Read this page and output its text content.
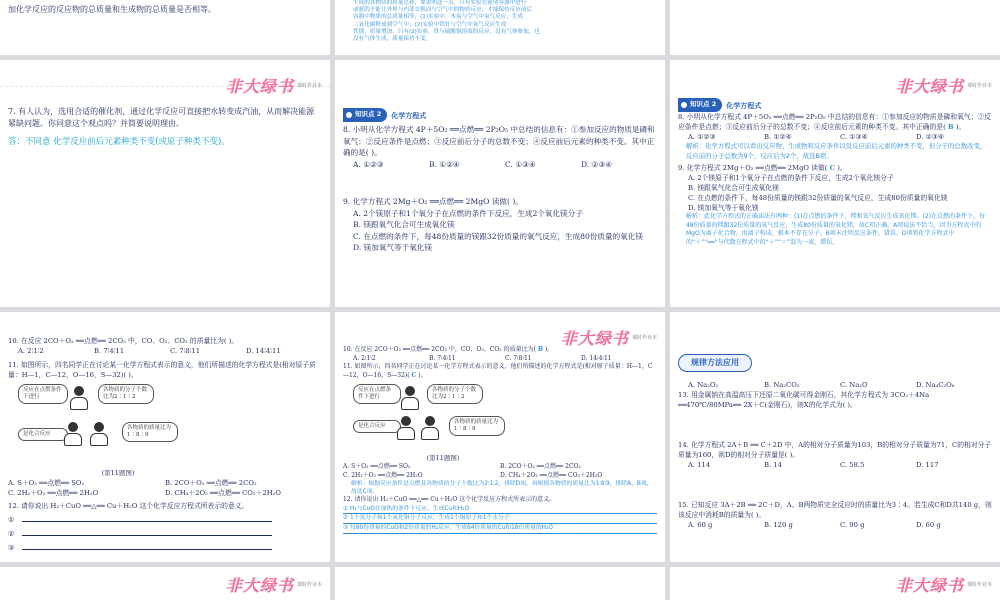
加化学反应的反应物的总质量和生成物的总质量是否相等。
生成的各物质的质量总和，要说明这一点，只有实验在密闭容器中进行
或驱的不能让外界与内部交换而与空气中的物质反应，才能保持反应前后
容器中物质的总质量相等，(1)实验中，木炭与空气中氧气反应，生成
二氧化碳释放到空气中；(2)实验中铁钉与空气中氧气反应生成
铁锈，质量增加，只有(2)实验，铁与硫酸铜溶液的反应，没有气体参加，也
没有气体生成，质量保持不变。
非大绿书 课时作业本
7. 有人认为，选用合适的催化剂，通过化学反应可直接把水转变成汽油，从而解决能源紧缺问题。你同意这个观点吗？并简要说明理由。
答：不同意 化学反应前后元素种类不变(或原子种类不变)。
知识点 2 化学方程式
8. 小明从化学方程式 4P＋5O₂ ══点燃══ 2P₂O₅ 中总结的信息有：①参加反应的物质是磷和氧气；②反应条件是点燃；③反应前后分子的总数不变；④反应前后元素的种类不变。其中正确的是( )。
A. ①②③	B. ①②④	C. ①③④	D. ②③④
9. 化学方程式 2Mg＋O₂ ══点燃══ 2MgO 读做( )。
A. 2个镁原子和1个氧分子在点燃的条件下反应，生成2个氧化镁分子
B. 镁跟氧气化合可生成氧化镁
C. 在点燃的条件下，每48份质量的镁跟32份质量的氧气反应，生成80份质量的氧化镁
D. 镁加氧气等于氧化镁
非大绿书 课时作业本
知识点 2 化学方程式
8. 小明从化学方程式 4P＋5O₂ ══点燃══ 2P₂O₅ 中总结的信息有：①参加反应的物质是磷和氧气；②反应条件是点燃；③反应前后分子的总数不变；④反应前后元素的种类不变。其中正确的是( B )。
A. ①②③	B. ①②④	C. ①③④	D. ②③④
解析：化学方程式可以看出反应物、生成物和反应条件以及反应前后元素的种类不变，但分子的总数改变，反应前的分子总数为9个，反应后为2个，故选B项。
9. 化学方程式 2Mg＋O₂ ══点燃══ 2MgO 读做( C )。
A. 2个镁原子和1个氧分子在点燃的条件下反应，生成2个氧化镁分子
B. 镁跟氧气化合可生成氧化镁
C. 在点燃的条件下，每48份质量的镁跟32份质量的氧气反应，生成80份质量的氧化镁
D. 镁加氧气等于氧化镁
解析：此化学方程式的正确读法有两种：(1)在点燃的条件下，镁和氧气反应生成氧化镁。(2)在点燃的条件下，每48份质量的镁跟32份质量的氧气反应，生成80份质量的氧化镁，故C项正确。A项说法不恰当，因为方程式中的MgO为离子化合物，由离子构成，根本不存在分子。B项未注明反应条件，错误。D项将化学方程式中的“＋”“══”与代数方程式中的“＋”“＝”混为一谈，错误。
10. 在反应 2CO＋O₂ ══点燃══ 2CO₂ 中，CO、O₂、CO₂ 的质量比为( )。
A. 2∶1∶2	B. 7∶4∶11	C. 7∶8∶11	D. 14∶4∶11
11. 如图所示，四名同学正在讨论某一化学方程式表示的意义，他们所描述的化学方程式是(相对原子质量：H—1，C—12，O—16，S—32)( )。
反应在点燃条件下进行
各物质的分子个数比为2∶1∶2
是化合反应
各物质的质量比为1∶8∶9
(第11题图)
A. S＋O₂ ══点燃══ SO₂	B. 2CO＋O₂ ══点燃══ 2CO₂
C. 2H₂＋O₂ ══点燃══ 2H₂O	D. CH₄＋2O₂ ══点燃══ CO₂＋2H₂O
12. 请你说出 H₂＋CuO ══△══ Cu＋H₂O 这个化学反应方程式所表示的意义。
①
②
③
非大绿书 课时作业本
10. 在反应 2CO＋O₂ ══点燃══ 2CO₂ 中，CO、O₂、CO₂ 的质量比为( B )。
A. 2∶1∶2	B. 7∶4∶11	C. 7∶8∶11	D. 14∶4∶11
11. 如图所示，四名同学正在讨论某一化学方程式表示的意义，他们所描述的化学方程式是(相对原子质量：H—1，C—12，O—16，S—32)( C )。
反应在点燃条件下进行
各物质的分子个数比为2∶1∶2
是化合反应
各物质的质量比为1∶8∶9
(第11题图)
A. S＋O₂ ══点燃══ SO₂	B. 2CO＋O₂ ══点燃══ 2CO₂
C. 2H₂＋O₂ ══点燃══ 2H₂O	D. CH₄＋2O₂ ══点燃══ CO₂＋2H₂O
解析：根据反应条件是点燃及各物质的分子个数比为2∶1∶2，排除D项，再根据各物质的质量比为1∶8∶9，排除A、B项，故选C项。
12. 请你说出 H₂＋CuO ══△══ Cu＋H₂O 这个化学反应方程式所表示的意义。
① H₂与CuO在加热的条件下反应，生成Cu和H₂O
② 1个氢分子和1个氧化铜分子反应，生成1个铜原子和1个水分子
③ 每80份质量的CuO和2份质量的H₂反应，生成64份质量的Cu和18份质量的H₂O
规律方法应用
A. Na₂O₂	B. Na₂CO₃	C. Na₂O	D. Na₄C₂O₆
13. 用金属钠在高温高压下还原二氧化碳可得金刚石，其化学方程式为 3CO₂＋4Na ══470℃/80MPa══ 2X＋C(金刚石)，则X的化学式为( )。
14. 化学方程式 2A＋B ══ C＋2D 中，A的相对分子质量为103，B的相对分子质量为71，C的相对分子质量为160，则D的相对分子质量是( )。
A. 114	B. 14	C. 58.5	D. 117
15. 已知反应 3A＋2B ══ 2C＋D，A、B两物质完全反应时的质量比为3∶4。若生成C和D共140 g，则该反应中消耗B的质量为( )。
A. 60 g	B. 120 g	C. 90 g	D. 60 g
非大绿书 课时作业本	非大绿书 课时作业本
